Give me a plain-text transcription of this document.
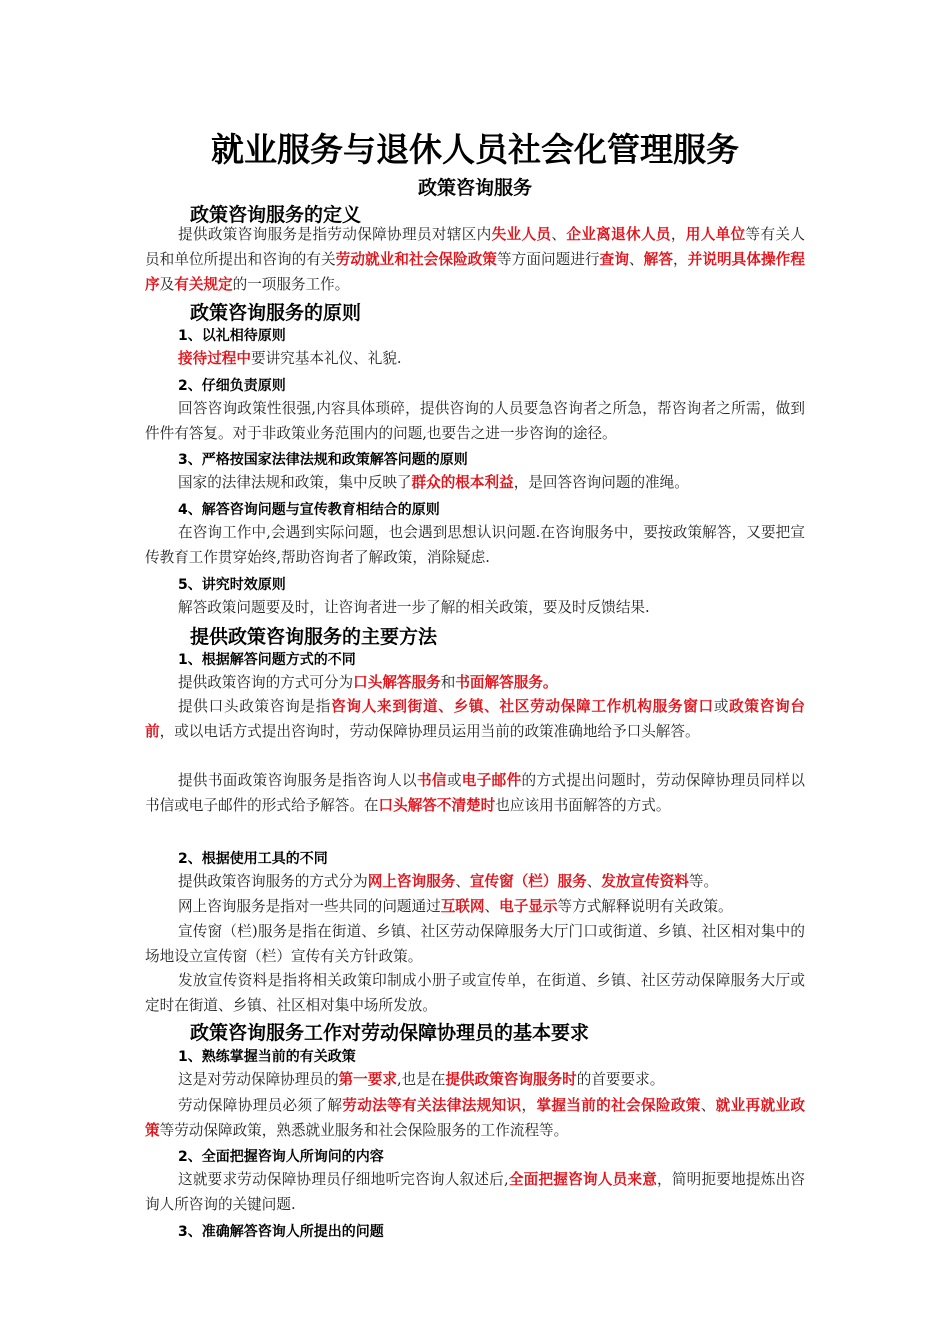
就业服务与退休人员社会化管理服务
政策咨询服务
政策咨询服务的定义
提供政策咨询服务是指劳动保障协理员对辖区内失业人员、企业离退休人员，用人单位等有关人员和单位所提出和咨询的有关劳动就业和社会保险政策等方面问题进行查询、解答，并说明具体操作程序及有关规定的一项服务工作。
政策咨询服务的原则
1、以礼相待原则
接待过程中要讲究基本礼仪、礼貌.
2、仔细负责原则
回答咨询政策性很强,内容具体琐碎，提供咨询的人员要急咨询者之所急，帮咨询者之所需，做到件件有答复。对于非政策业务范围内的问题,也要告之进一步咨询的途径。
3、严格按国家法律法规和政策解答问题的原则
国家的法律法规和政策，集中反映了群众的根本利益，是回答咨询问题的准绳。
4、解答咨询问题与宣传教育相结合的原则
在咨询工作中,会遇到实际问题，也会遇到思想认识问题.在咨询服务中，要按政策解答，又要把宣传教育工作贯穿始终,帮助咨询者了解政策，消除疑虑.
5、讲究时效原则
解答政策问题要及时，让咨询者进一步了解的相关政策，要及时反馈结果.
提供政策咨询服务的主要方法
1、根据解答问题方式的不同
提供政策咨询的方式可分为口头解答服务和书面解答服务。
提供口头政策咨询是指咨询人来到街道、乡镇、社区劳动保障工作机构服务窗口或政策咨询台前，或以电话方式提出咨询时，劳动保障协理员运用当前的政策准确地给予口头解答。
提供书面政策咨询服务是指咨询人以书信或电子邮件的方式提出问题时，劳动保障协理员同样以书信或电子邮件的形式给予解答。在口头解答不清楚时也应该用书面解答的方式。
2、根据使用工具的不同
提供政策咨询服务的方式分为网上咨询服务、宣传窗（栏）服务、发放宣传资料等。
网上咨询服务是指对一些共同的问题通过互联网、电子显示等方式解释说明有关政策。
宣传窗（栏)服务是指在街道、乡镇、社区劳动保障服务大厅门口或街道、乡镇、社区相对集中的场地设立宣传窗（栏）宣传有关方针政策。
发放宣传资料是指将相关政策印制成小册子或宣传单，在街道、乡镇、社区劳动保障服务大厅或定时在街道、乡镇、社区相对集中场所发放。
政策咨询服务工作对劳动保障协理员的基本要求
1、熟练掌握当前的有关政策
这是对劳动保障协理员的第一要求,也是在提供政策咨询服务时的首要要求。
劳动保障协理员必须了解劳动法等有关法律法规知识，掌握当前的社会保险政策、就业再就业政策等劳动保障政策，熟悉就业服务和社会保险服务的工作流程等。
2、全面把握咨询人所询问的内容
这就要求劳动保障协理员仔细地听完咨询人叙述后,全面把握咨询人员来意，简明扼要地提炼出咨询人所咨询的关键问题.
3、准确解答咨询人所提出的问题
